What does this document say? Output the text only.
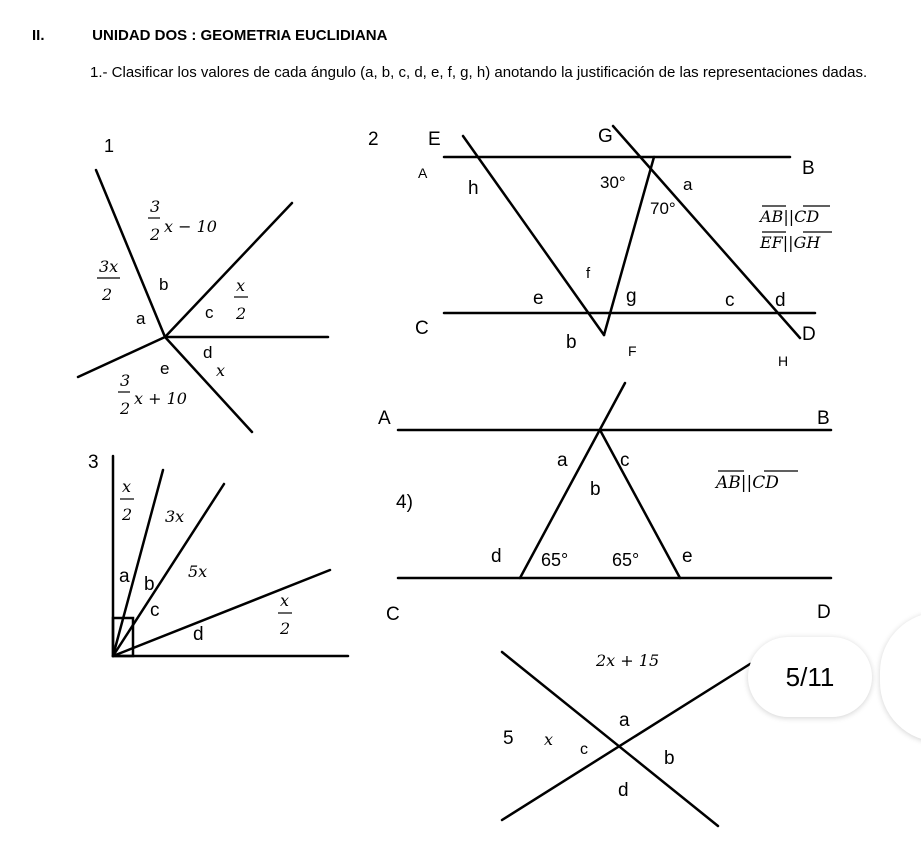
II.	UNIDAD DOS : GEOMETRIA EUCLIDIANA
1.- Clasificar los valores de cada ángulo (a, b, c, d, e, f, g, h) anotando la justificación de las representaciones dadas.
1
3
2 x − 10
3x
2	x
2
3
2
x + 10
x
a
b
c
d
e
2	E	G
B
C	D
A
F
H
30°
70°
a
b
c d
e
f
g
h
AB||CD
EF||GH
3
x
2 3x
5x
x
2
a b
c
d
A	B
C	D
4)
a
b
c
d	e
65° 65°
AB||CD
2x + 15
5 x
a
b
c
d
5/11
